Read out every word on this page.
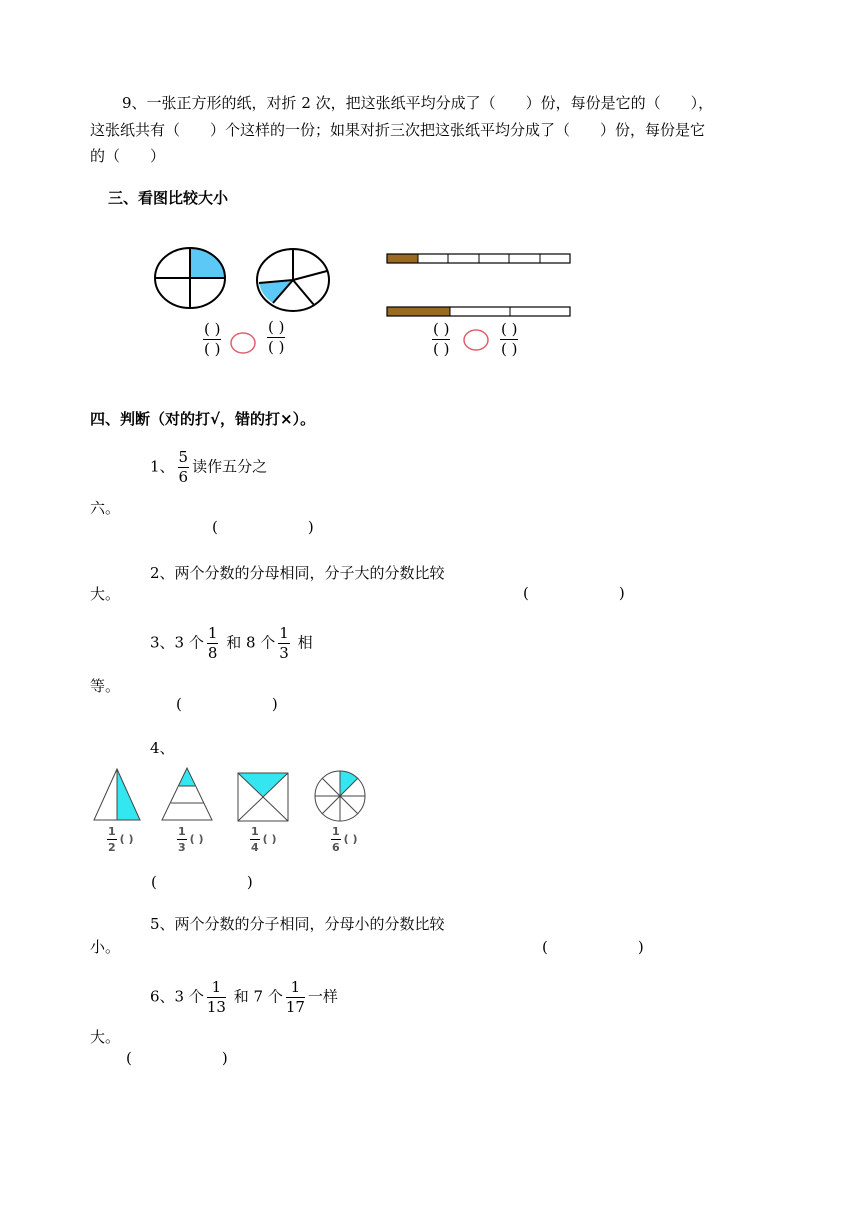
9、一张正方形的纸，对折 2 次，把这张纸平均分成了（　　）份，每份是它的（　　），
这张纸共有（　　）个这样的一份；如果对折三次把这张纸平均分成了（　　）份，每份是它
的（　　）
三、看图比较大小
$\frac{( )}{( )}$	$\frac{( )}{( )}$	$\frac{( )}{( )}$	$\frac{( )}{( )}$
四、判断（对的打√，错的打×）。
1、 $\frac{5}{6}$ 读作五分之
六。
(　　　　　　)
2、两个分数的分母相同，分子大的分数比较
大。	(　　　　　　)
3、3 个 $\frac{1}{8}$ 和 8 个 $\frac{1}{3}$ 相
等。
(　　　　　　)
4、
$\frac{1}{2}$ ( )	$\frac{1}{3}$ ( )	$\frac{1}{4}$ ( )	$\frac{1}{6}$ ( )
(　　　　　　)
5、两个分数的分子相同，分母小的分数比较
小。	(　　　　　　)
6、3 个 $\frac{1}{13}$ 和 7 个 $\frac{1}{17}$ 一样
大。
(　　　　　　)
